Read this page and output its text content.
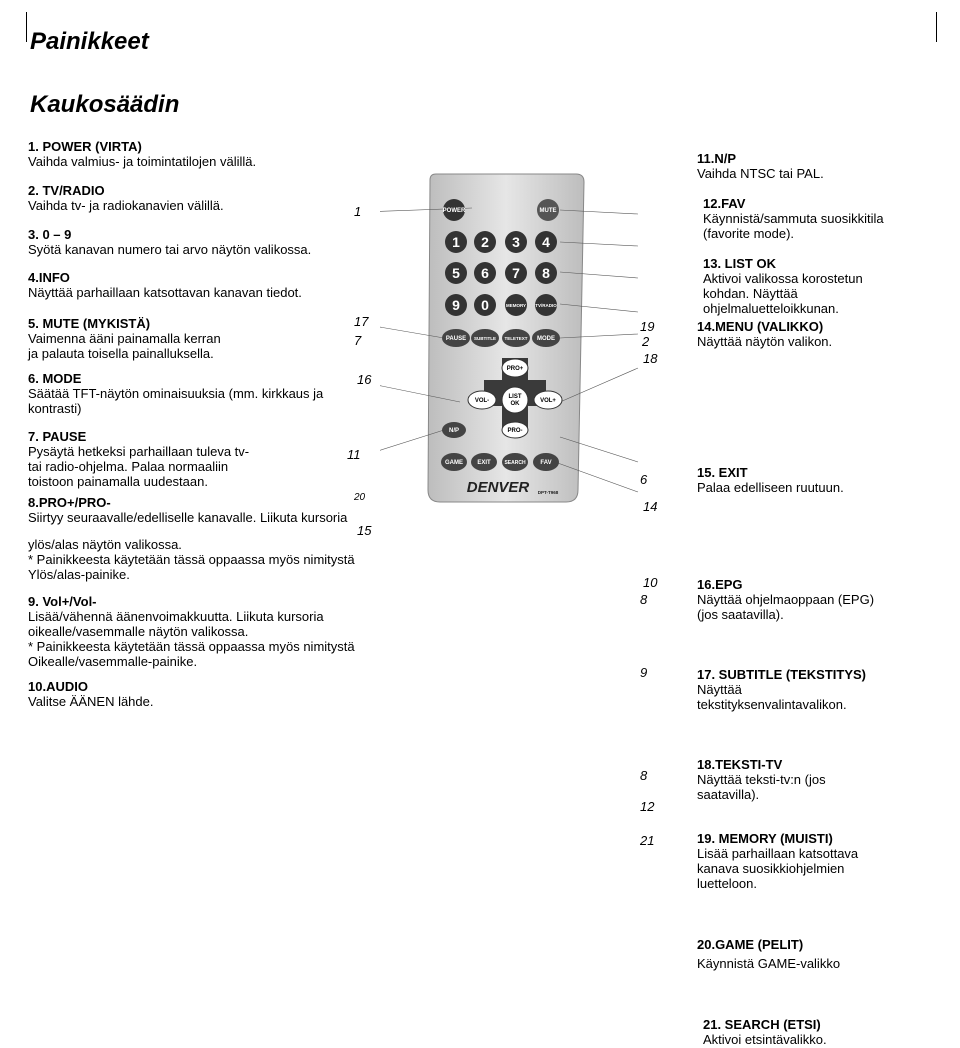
Painikkeet
Kaukosäädin
1. POWER (VIRTA)
Vaihda valmius- ja toimintatilojen välillä.
2. TV/RADIO
Vaihda tv- ja radiokanavien välillä.
3. 0 – 9
Syötä kanavan numero tai arvo näytön valikossa.
4.INFO
Näyttää parhaillaan katsottavan kanavan tiedot.
5. MUTE (MYKISTÄ)
Vaimenna ääni painamalla kerran
ja palauta toisella painalluksella.
6. MODE
Säätää TFT-näytön ominaisuuksia (mm. kirkkaus ja
kontrasti)
7. PAUSE
Pysäytä hetkeksi parhaillaan tuleva tv-
tai radio-ohjelma. Palaa normaaliin
toistoon painamalla uudestaan.
8.PRO+/PRO-
Siirtyy seuraavalle/edelliselle kanavalle. Liikuta kursoria
ylös/alas näytön valikossa.
* Painikkeesta käytetään tässä oppaassa myös nimitystä
Ylös/alas-painike.
9. Vol+/Vol-
Lisää/vähennä äänenvoimakkuutta. Liikuta kursoria
oikealle/vasemmalle näytön valikossa.
* Painikkeesta käytetään tässä oppaassa myös nimitystä
Oikealle/vasemmalle-painike.
10.AUDIO
Valitse ÄÄNEN lähde.
11.N/P
Vaihda NTSC tai PAL.
12.FAV
Käynnistä/sammuta suosikkitila
(favorite mode).
13. LIST OK
Aktivoi valikossa korostetun
kohdan. Näyttää
ohjelmaluetteloikkunan.
14.MENU (VALIKKO)
Näyttää näytön valikon.
15. EXIT
Palaa edelliseen ruutuun.
16.EPG
Näyttää ohjelmaoppaan (EPG)
(jos saatavilla).
17. SUBTITLE (TEKSTITYS)
Näyttää
tekstityksenvalintavalikon.
18.TEKSTI-TV
Näyttää teksti-tv:n (jos
saatavilla).
19. MEMORY (MUISTI)
Lisää parhaillaan katsottava
kanava suosikkiohjelmien
luetteloon.
20.GAME (PELIT)
Käynnistä GAME-valikko
21. SEARCH (ETSI)
Aktivoi etsintävalikko.
1
17
7
16
11
20
15
19
2
18
6
14
10
8
9
8
12
21
POWER	MUTE
1 2 3 4
5 6 7 8
9 0	MEMORY TV/RADIO
PAUSE SUBTITLE TELETEXT MODE
PRO+
VOL-
LIST
OK	VOL+
N/P	PRO-
GAME EXIT	SEARCH FAV
DENVER DPT-T968
